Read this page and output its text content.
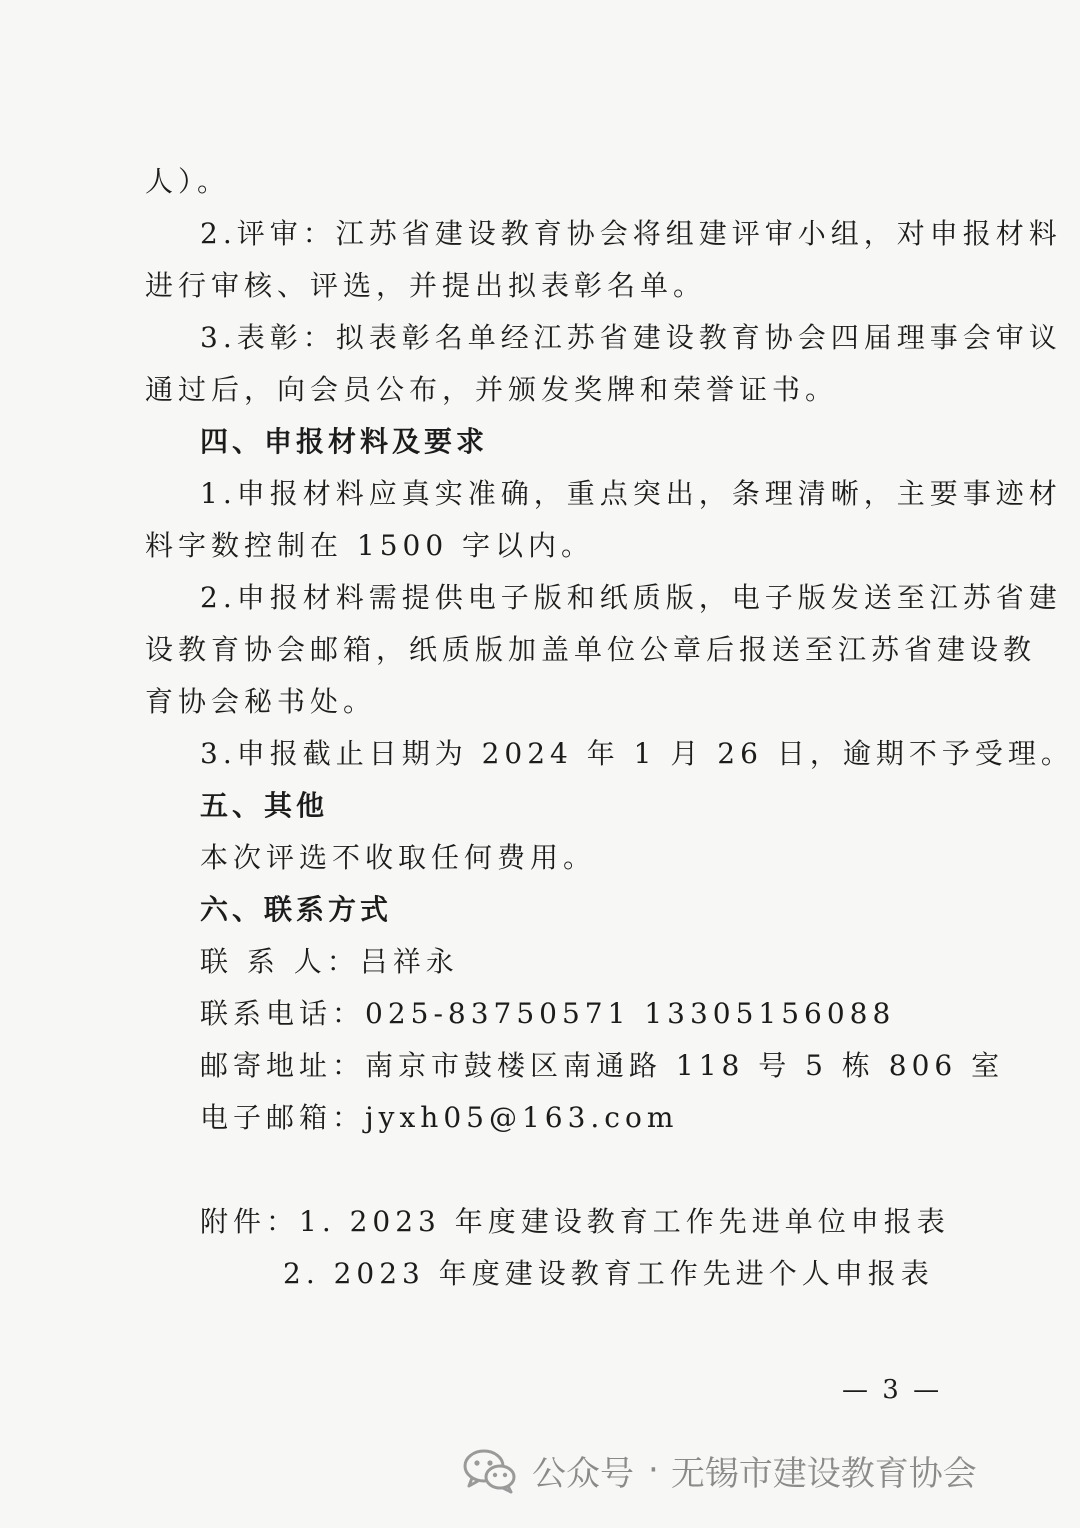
人）。
2.评审：江苏省建设教育协会将组建评审小组，对申报材料
进行审核、评选，并提出拟表彰名单。
3.表彰：拟表彰名单经江苏省建设教育协会四届理事会审议
通过后，向会员公布，并颁发奖牌和荣誉证书。
四、申报材料及要求
1.申报材料应真实准确，重点突出，条理清晰，主要事迹材
料字数控制在 1500 字以内。
2.申报材料需提供电子版和纸质版，电子版发送至江苏省建
设教育协会邮箱，纸质版加盖单位公章后报送至江苏省建设教
育协会秘书处。
3.申报截止日期为 2024 年 1 月 26 日，逾期不予受理。
五、其他
本次评选不收取任何费用。
六、联系方式
联 系 人：吕祥永
联系电话：025-83750571 13305156088
邮寄地址：南京市鼓楼区南通路 118 号 5 栋 806 室
电子邮箱：jyxh05@163.com
附件：1. 2023 年度建设教育工作先进单位申报表
2. 2023 年度建设教育工作先进个人申报表
— 3 —
公众号 · 无锡市建设教育协会
